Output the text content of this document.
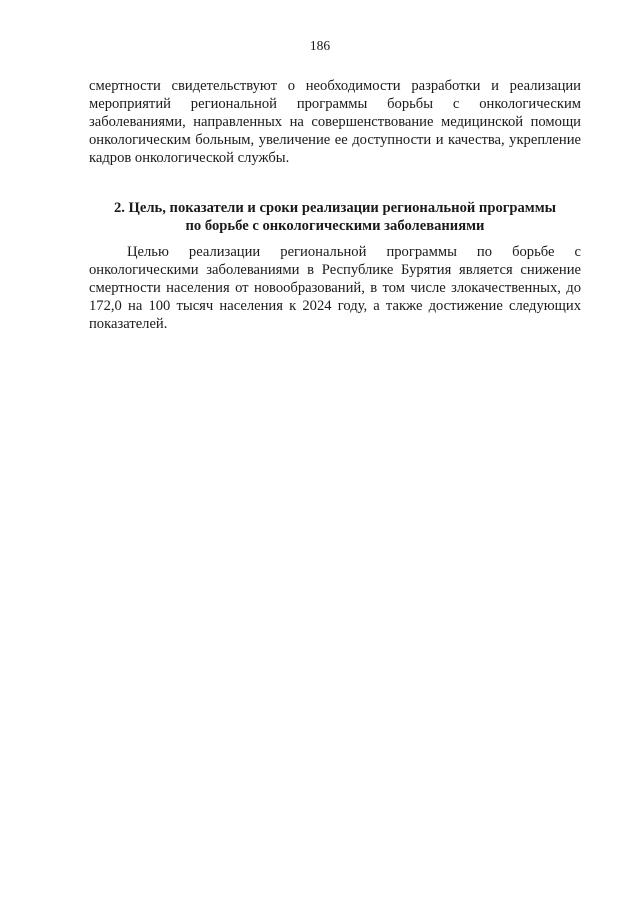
186

смертности свидетельствуют о необходимости разработки и реализации мероприятий региональной программы борьбы с онкологическим заболеваниями, направленных на совершенствование медицинской помощи онкологическим больным, увеличение ее доступности и качества, укрепление кадров онкологической службы.

2. Цель, показатели и сроки реализации региональной программы
по борьбе с онкологическими заболеваниями

Целью реализации региональной программы по борьбе с онкологическими заболеваниями в Республике Бурятия является снижение смертности населения от новообразований, в том числе злокачественных, до 172,0 на 100 тысяч населения к 2024 году, а также достижение следующих показателей.
